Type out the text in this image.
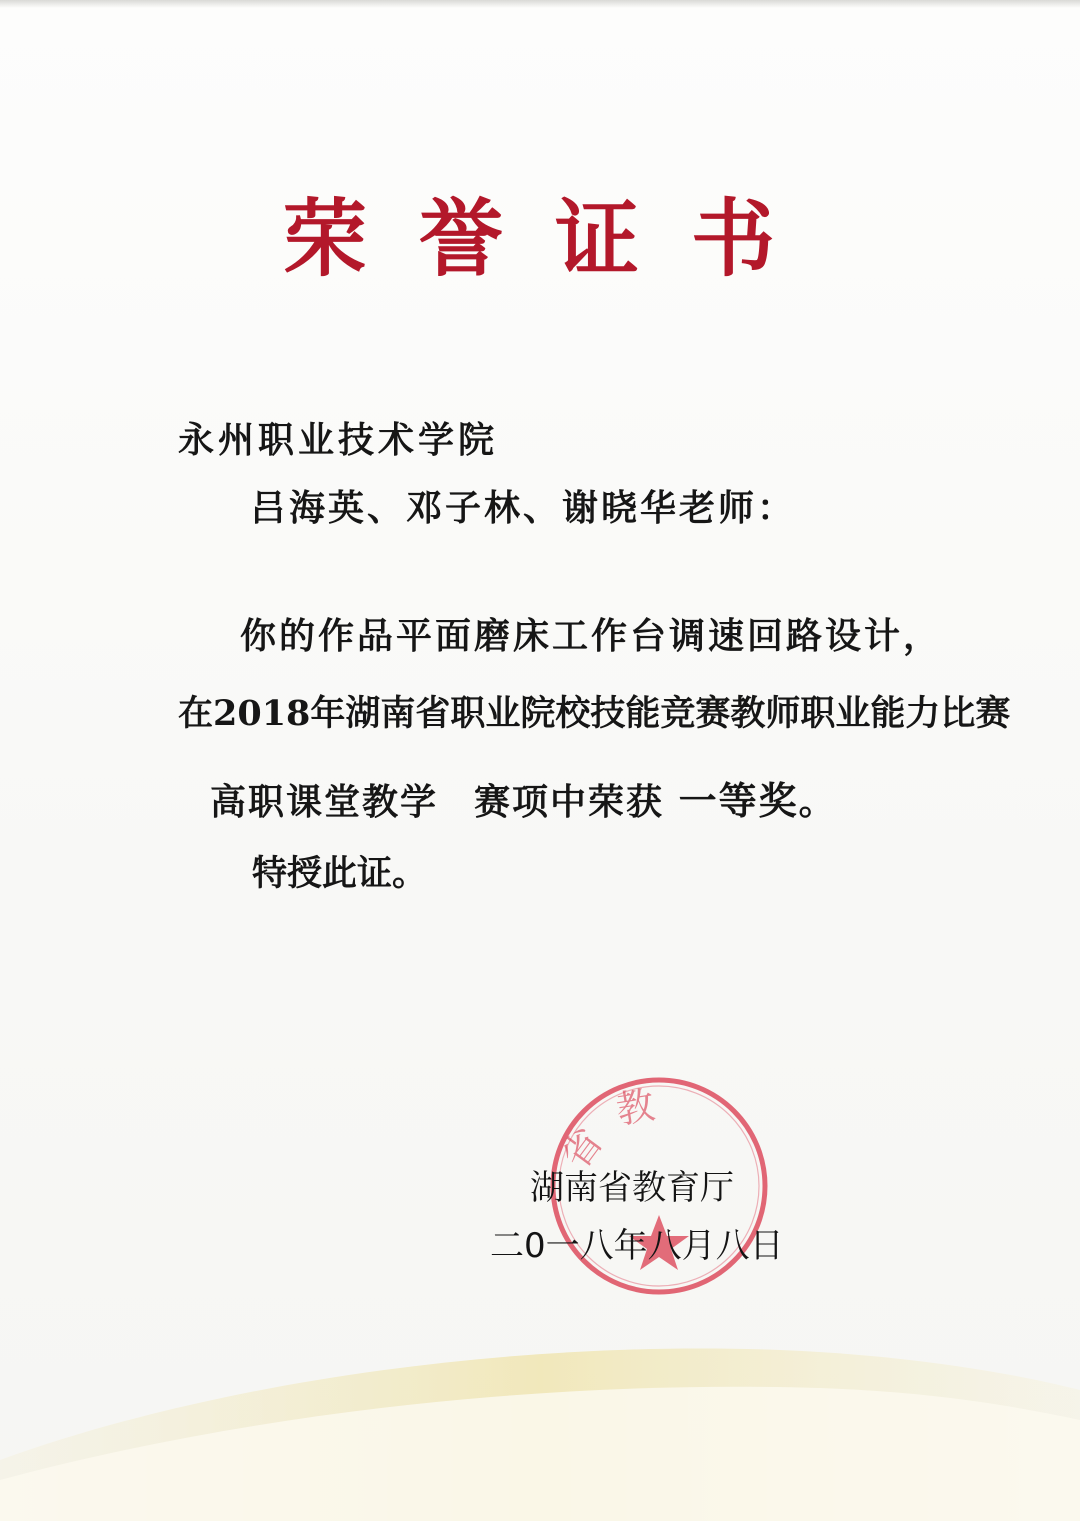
荣誉证书
永州职业技术学院
吕海英、邓子林、谢晓华老师：
你的作品平面磨床工作台调速回路设计，
在2018年湖南省职业院校技能竞赛教师职业能力比赛
高职课堂教学 赛项中荣获 一等奖。
特授此证。
省教
湖南省教育厅
二0一八年八月八日
